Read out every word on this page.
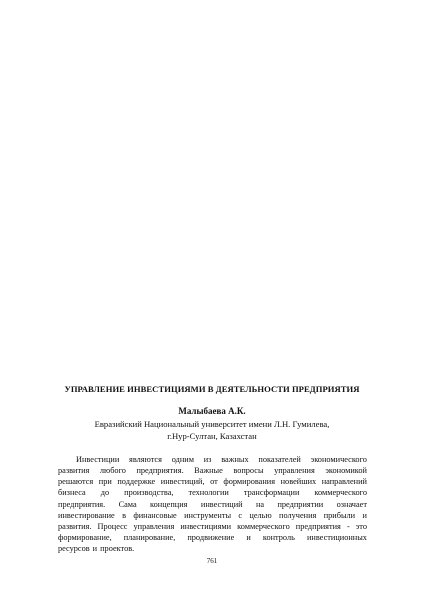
УПРАВЛЕНИЕ ИНВЕСТИЦИЯМИ В ДЕЯТЕЛЬНОСТИ ПРЕДПРИЯТИЯ
Малыбаева А.К.
Евразийский Национальный университет имени Л.Н. Гумилева,
г.Нур-Султан, Казахстан
Инвестиции являются одним из важных показателей экономического
развития любого предприятия. Важные вопросы управления экономикой
решаются при поддержке инвестиций, от формирования новейших направлений
бизнеса до производства, технологии трансформации коммерческого
предприятия. Сама концепция инвестиций на предприятии означает
инвестирование в финансовые инструменты с целью получения прибыли и
развития. Процесс управления инвестициями коммерческого предприятия - это
формирование, планирование, продвижение и контроль инвестиционных
ресурсов и проектов.
761
